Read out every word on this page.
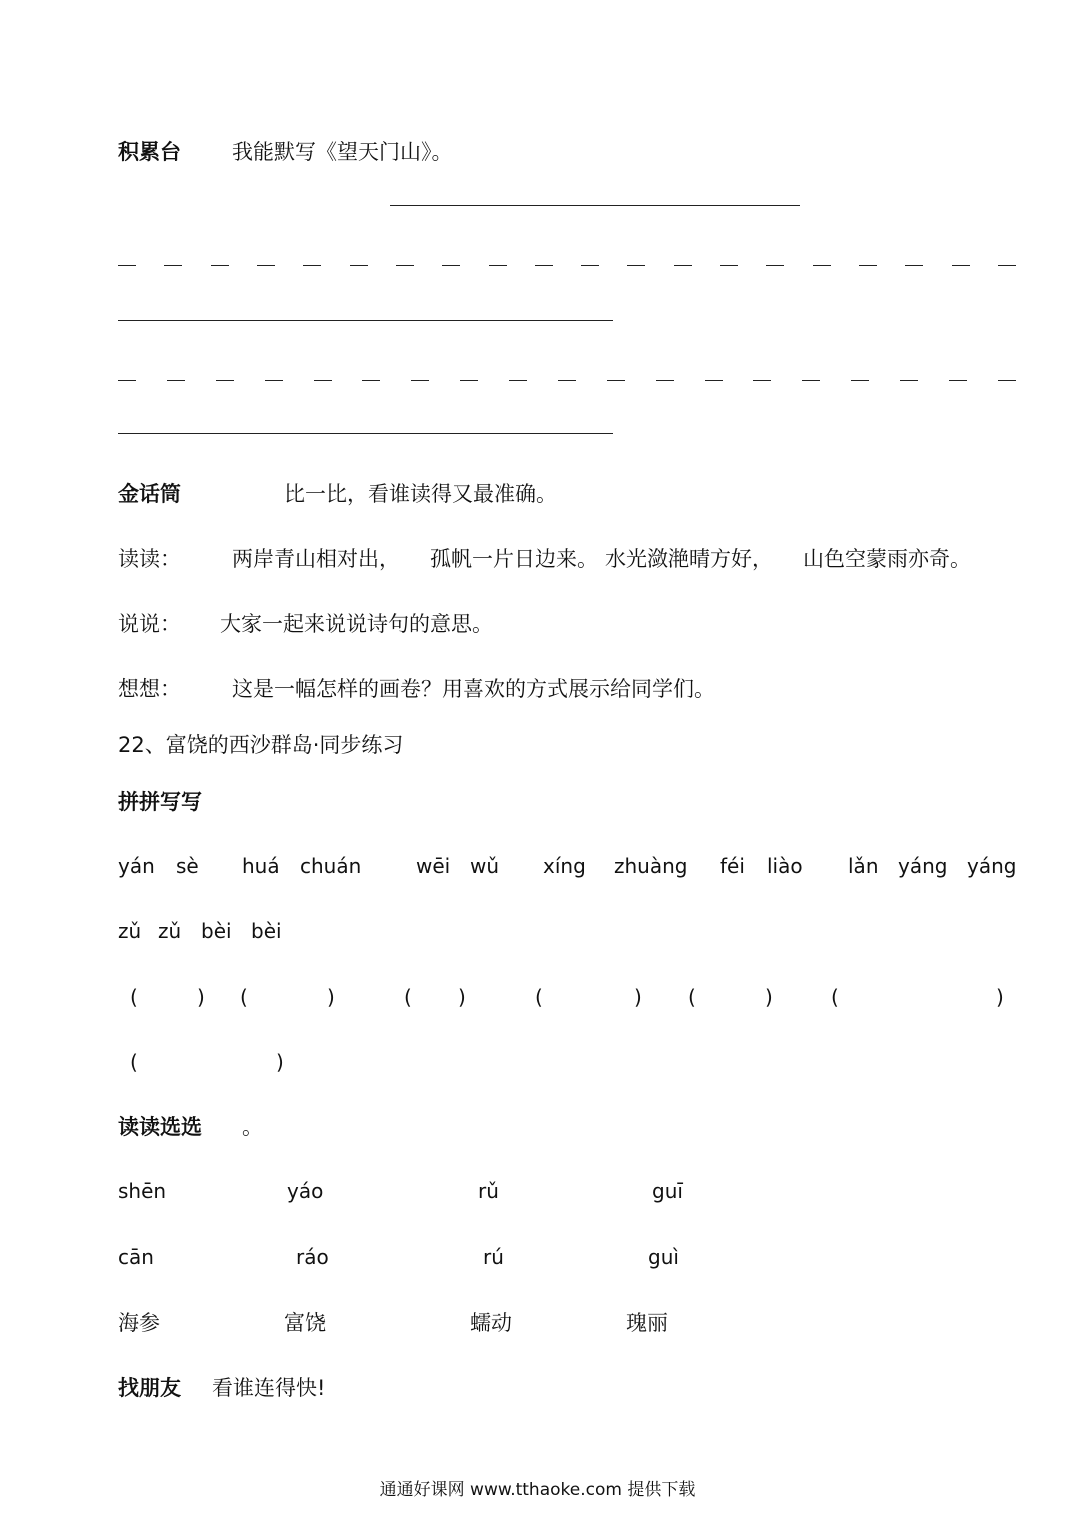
积累台 我能默写《望天门山》。
金话筒	比一比，看谁读得又最准确。
读读： 两岸青山相对出， 孤帆一片日边来。 水光潋滟晴方好， 山色空蒙雨亦奇。
说说： 大家一起来说说诗句的意思。
想想： 这是一幅怎样的画卷？用喜欢的方式展示给同学们。
22、富饶的西沙群岛·同步练习
拼拼写写
yán sè huá chuán	wēi wǔ xíng zhuàng féi liào lǎn yáng yáng
zǔ zǔ bèi bèi
(	) (	)	( )	(	) (	)	(	)
(	)
读读选选 。
shēn	yáo	rǔ	guī
cān	ráo	rú	guì
海参	富饶	蠕动	瑰丽
找朋友 看谁连得快!
通通好课网 www.tthaoke.com 提供下载
